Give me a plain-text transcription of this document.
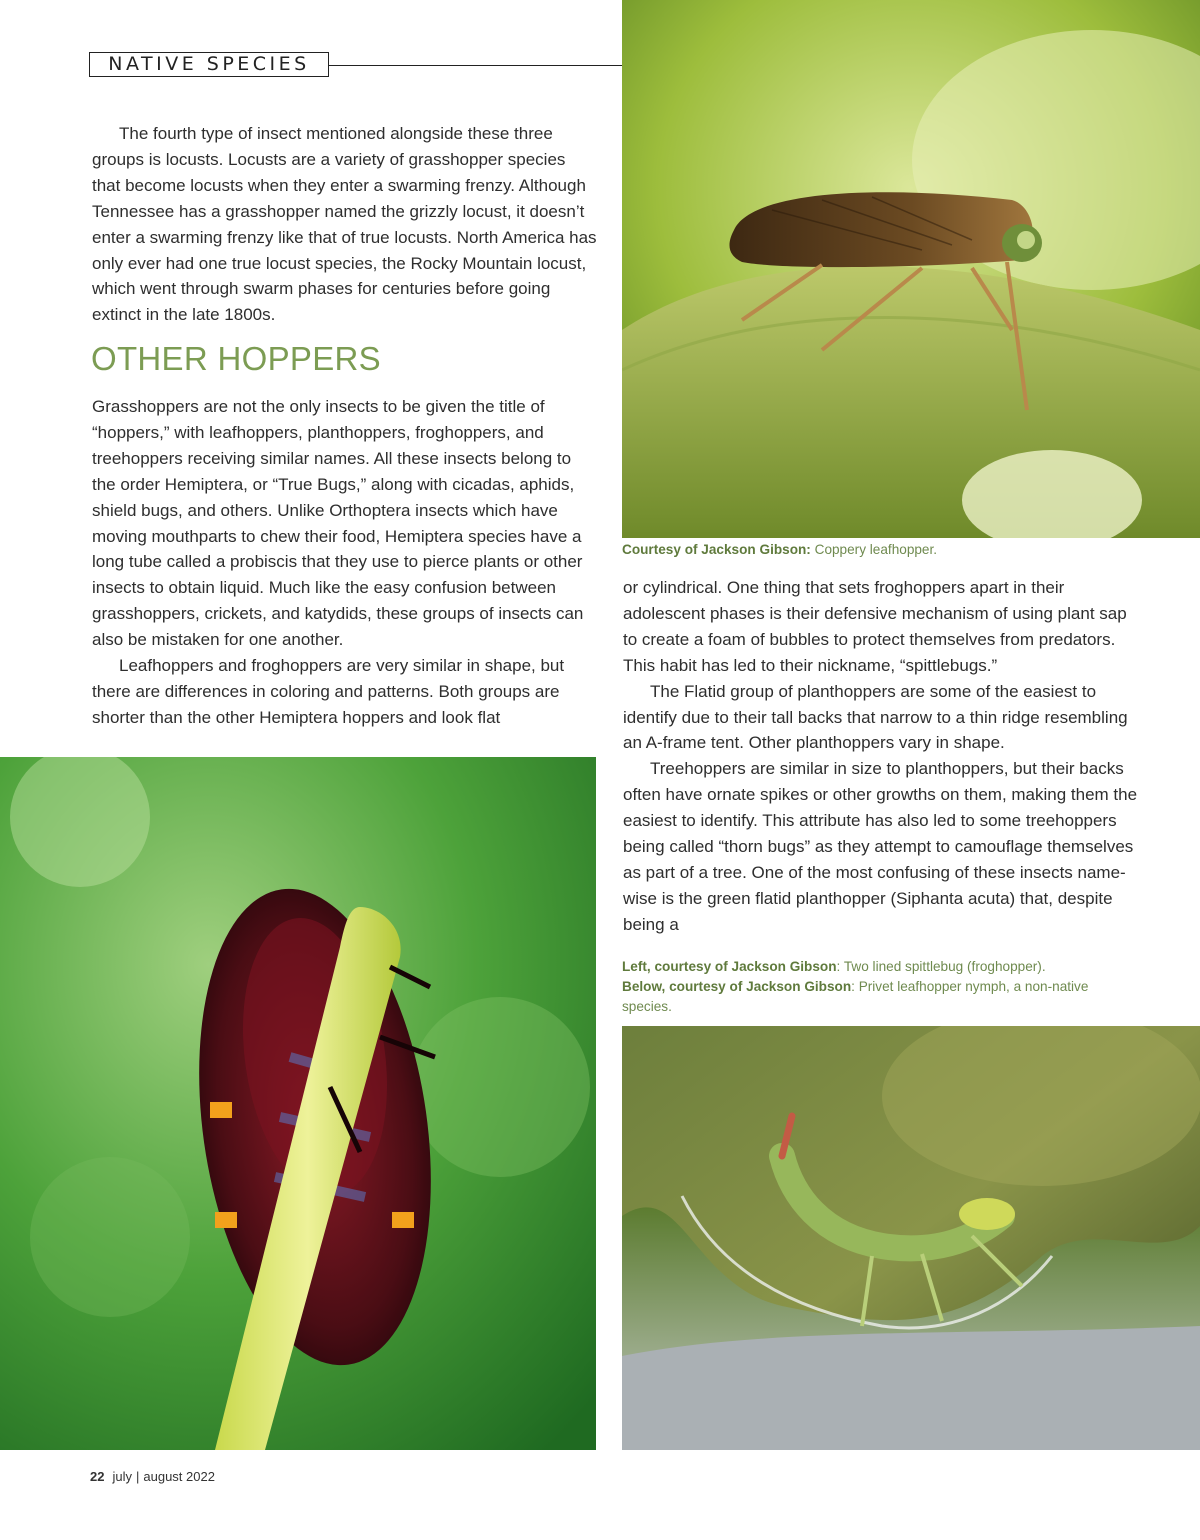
NATIVE SPECIES

The fourth type of insect mentioned alongside these three groups is locusts. Locusts are a variety of grasshopper species that become locusts when they enter a swarming frenzy. Although Tennessee has a grasshopper named the grizzly locust, it doesn’t enter a swarming frenzy like that of true locusts. North America has only ever had one true locust species, the Rocky Mountain locust, which went through swarm phases for centuries before going extinct in the late 1800s.

OTHER HOPPERS

Grasshoppers are not the only insects to be given the title of “hoppers,” with leafhoppers, planthoppers, froghoppers, and treehoppers receiving similar names. All these insects belong to the order Hemiptera, or “True Bugs,” along with cicadas, aphids, shield bugs, and others. Unlike Orthoptera insects which have moving mouthparts to chew their food, Hemiptera species have a long tube called a probiscis that they use to pierce plants or other insects to obtain liquid. Much like the easy confusion between grasshoppers, crickets, and katydids, these groups of insects can also be mistaken for one another.

Leafhoppers and froghoppers are very similar in shape, but there are differences in coloring and patterns. Both groups are shorter than the other Hemiptera hoppers and look flat

Courtesy of Jackson Gibson: Coppery leafhopper.

or cylindrical. One thing that sets froghoppers apart in their adolescent phases is their defensive mechanism of using plant sap to create a foam of bubbles to protect themselves from predators. This habit has led to their nickname, “spittlebugs.”

The Flatid group of planthoppers are some of the easiest to identify due to their tall backs that narrow to a thin ridge resembling an A-frame tent. Other planthoppers vary in shape.

Treehoppers are similar in size to planthoppers, but their backs often have ornate spikes or other growths on them, making them the easiest to identify. This attribute has also led to some treehoppers being called “thorn bugs” as they attempt to camouflage themselves as part of a tree. One of the most confusing of these insects name-wise is the green flatid planthopper (Siphanta acuta) that, despite being a

Left, courtesy of Jackson Gibson: Two lined spittlebug (froghopper).
Below, courtesy of Jackson Gibson: Privet leafhopper nymph, a non-native species.
22 july | august 2022
